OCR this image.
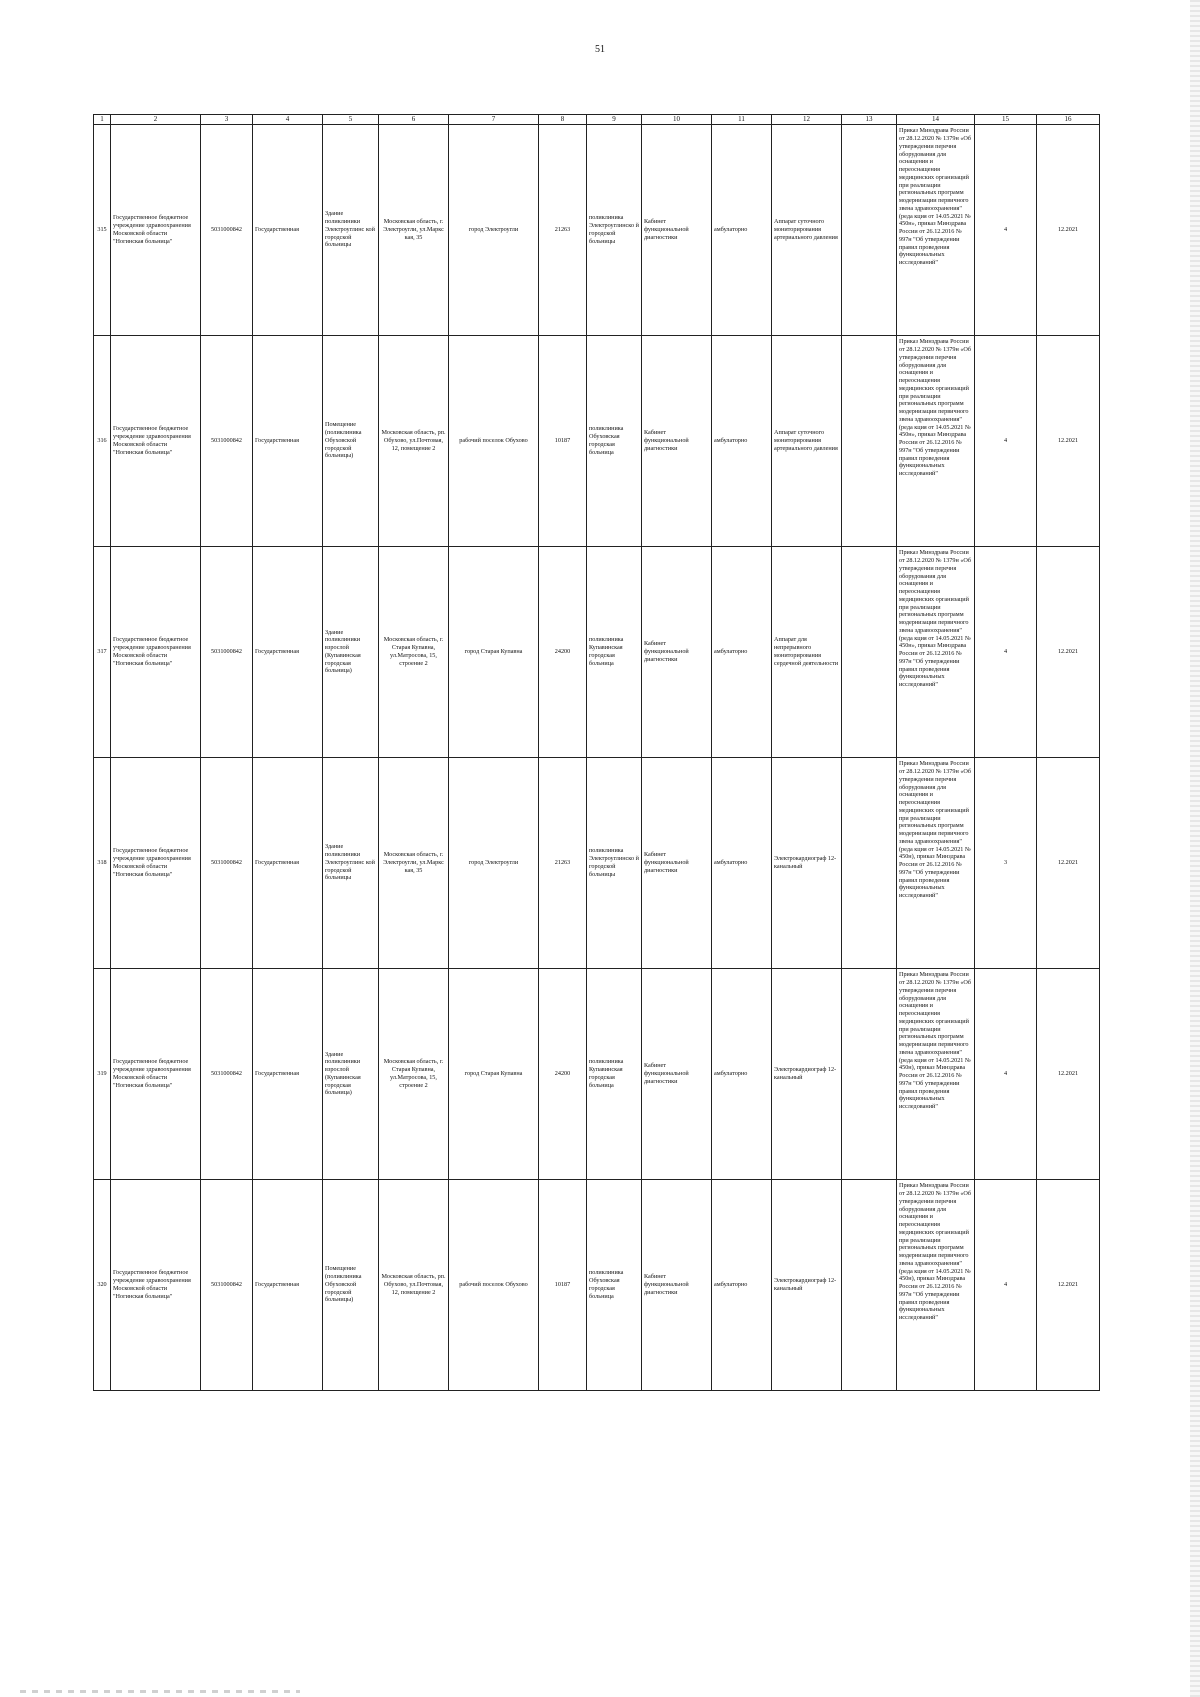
51
1	2	3	4	5	6	7	8	9	10	11	12	13	14	15	16
315	Государственное бюджетное учреждение здравоохранения Московской области "Ногинская больница"	5031000842	Государственная	Здание поликлиники Электроуглинс кой городской больницы	Московская область, г. Электроугли, ул.Маркс кая, 35	город Электроугли	21263	поликлиника Электроуглинско й городской больницы	Кабинет функциональной диагностики	амбулаторно	Аппарат суточного мониторирования артериального давления		Приказ Минздрава России от 28.12.2020 № 1379н «Об утверждении перечня оборудования для оснащения и переоснащения медицинских организаций при реализации региональных программ модернизации первичного звена здравоохранения"(реда кция от 14.05.2021 № 450н», приказ Минздрава России от 26.12.2016 № 997н "Об утверждении правил проведения функциональных исследований"	4	12.2021
316	Государственное бюджетное учреждение здравоохранения Московской области "Ногинская больница"	5031000842	Государственная	Помещение (поликлиника Обуховской городской больницы)	Московская область, рп. Обухово, ул.Почтовая, 12, помещение 2	рабочий поселок Обухово	10187	поликлиника Обуховская городская больница	Кабинет функциональной диагностики	амбулаторно	Аппарат суточного мониторирования артериального давления		Приказ Минздрава России от 28.12.2020 № 1379н «Об утверждении перечня оборудования для оснащения и переоснащения медицинских организаций при реализации региональных программ модернизации первичного звена здравоохранения"(реда кция от 14.05.2021 № 450н», приказ Минздрава России от 26.12.2016 № 997н "Об утверждении правил проведения функциональных исследований"	4	12.2021
317	Государственное бюджетное учреждение здравоохранения Московской области "Ногинская больница"	5031000842	Государственная	Здание поликлиники взрослой (Купавинская городская больница)	Московская область, г. Старая Купавна, ул.Матросова, 15, строение 2	город Старая Купавна	24200	поликлиника Купавинская городская больница	Кабинет функциональной диагностики	амбулаторно	Аппарат для непрерывного мониторирования сердечной деятельности		Приказ Минздрава России от 28.12.2020 № 1379н «Об утверждении перечня оборудования для оснащения и переоснащения медицинских организаций при реализации региональных программ модернизации первичного звена здравоохранения"(реда кция от 14.05.2021 № 450н», приказ Минздрава России от 26.12.2016 № 997н "Об утверждении правил проведения функциональных исследований"	4	12.2021
318	Государственное бюджетное учреждение здравоохранения Московской области "Ногинская больница"	5031000842	Государственная	Здание поликлиники Электроуглинс кой городской больницы	Московская область, г. Электроугли, ул.Маркс кая, 35	город Электроугли	21263	поликлиника Электроуглинско й городской больницы	Кабинет функциональной диагностики	амбулаторно	Электрокардиограф 12-канальный		Приказ Минздрава России от 28.12.2020 № 1379н «Об утверждении перечня оборудования для оснащения и переоснащения медицинских организаций при реализации региональных программ модернизации первичного звена здравоохранения"(реда кция от 14.05.2021 № 450н), приказ Минздрава России от 26.12.2016 № 997н "Об утверждении правил проведения функциональных исследований"	3	12.2021
319	Государственное бюджетное учреждение здравоохранения Московской области "Ногинская больница"	5031000842	Государственная	Здание поликлиники взрослой (Купавинская городская больница)	Московская область, г. Старая Купавна, ул.Матросова, 15, строение 2	город Старая Купавна	24200	поликлиника Купавинская городская больница	Кабинет функциональной диагностики	амбулаторно	Электрокардиограф 12-канальный		Приказ Минздрава России от 28.12.2020 № 1379н «Об утверждении перечня оборудования для оснащения и переоснащения медицинских организаций при реализации региональных программ модернизации первичного звена здравоохранения"(реда кция от 14.05.2021 № 450н), приказ Минздрава России от 26.12.2016 № 997н "Об утверждении правил проведения функциональных исследований"	4	12.2021
320	Государственное бюджетное учреждение здравоохранения Московской области "Ногинская больница"	5031000842	Государственная	Помещение (поликлиника Обуховской городской больницы)	Московская область, рп. Обухово, ул.Почтовая, 12, помещение 2	рабочий поселок Обухово	10187	поликлиника Обуховская городская больница	Кабинет функциональной диагностики	амбулаторно	Электрокардиограф 12-канальный		Приказ Минздрава России от 28.12.2020 № 1379н «Об утверждении перечня оборудования для оснащения и переоснащения медицинских организаций при реализации региональных программ модернизации первичного звена здравоохранения"(реда кция от 14.05.2021 № 450н), приказ Минздрава России от 26.12.2016 № 997н "Об утверждении правил проведения функциональных исследований"	4	12.2021
